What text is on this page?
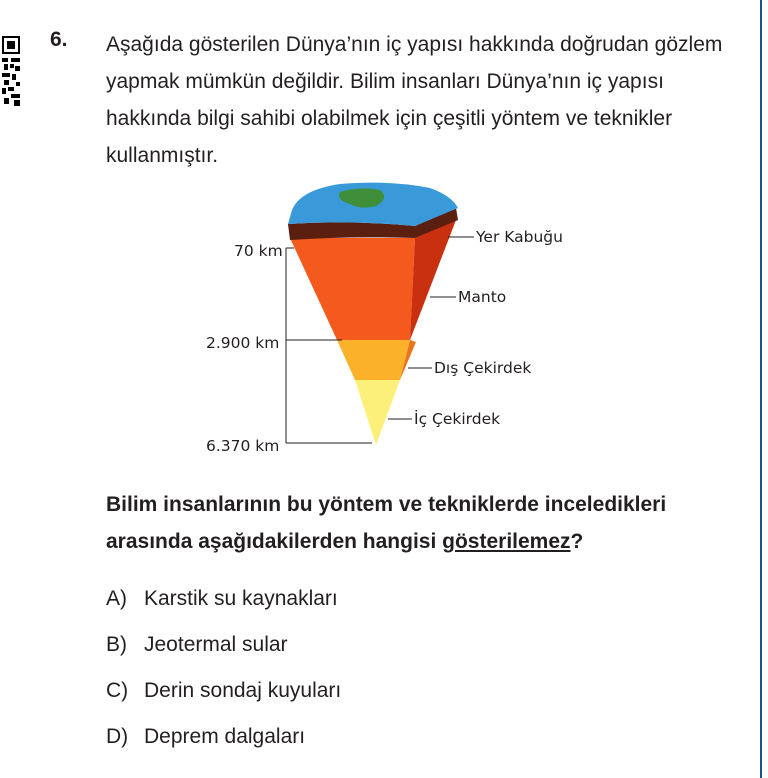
6. Aşağıda gösterilen Dünya’nın iç yapısı hakkında doğrudan gözlem yapmak mümkün değildir. Bilim insanları Dünya’nın iç yapısı hakkında bilgi sahibi olabilmek için çeşitli yöntem ve teknikler kullanmıştır.
70 km
2.900 km
6.370 km
Yer Kabuğu
Manto
Dış Çekirdek
İç Çekirdek
Bilim insanlarının bu yöntem ve tekniklerde inceledikleri arasında aşağıdakilerden hangisi gösterilemez?
A) Karstik su kaynakları
B) Jeotermal sular
C) Derin sondaj kuyuları
D) Deprem dalgaları
